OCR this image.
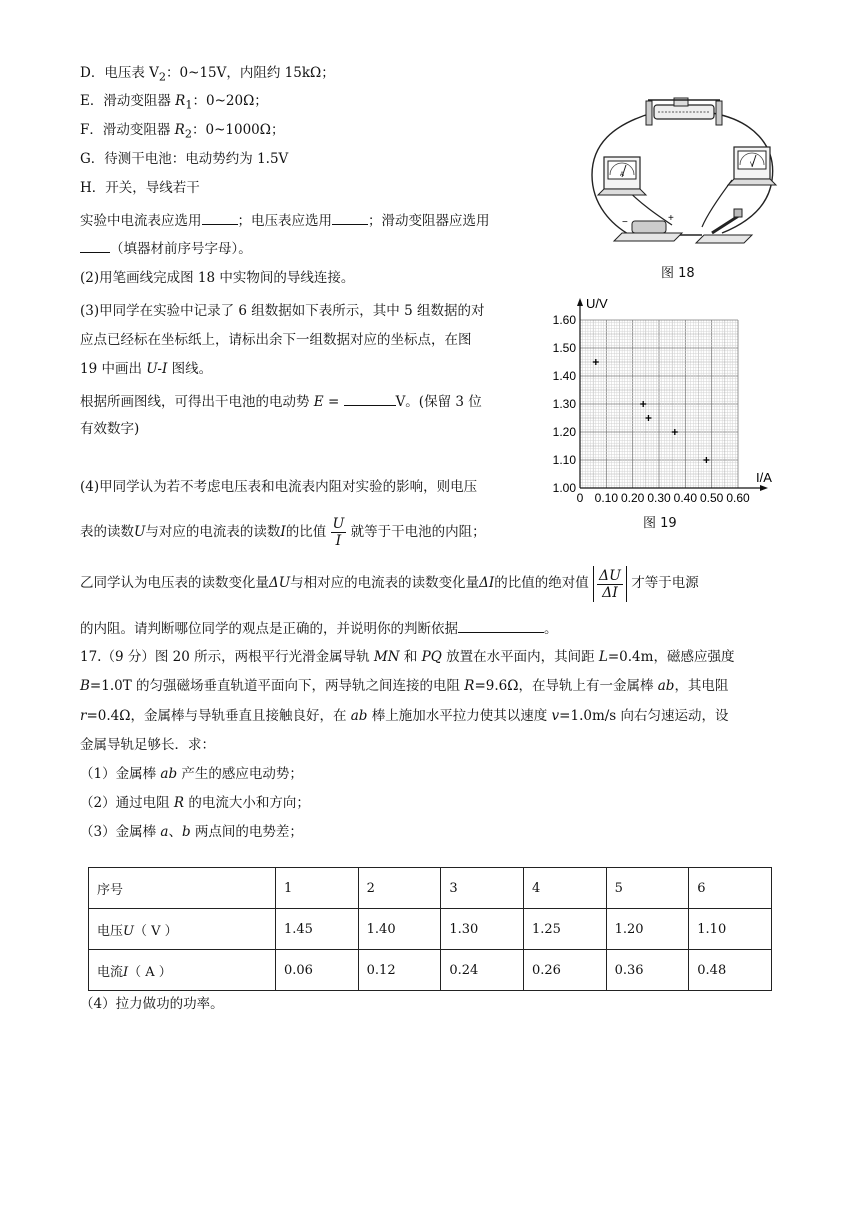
D．电压表 $V_2$：0~15V，内阻约 15kΩ；
E．滑动变阻器 $R_1$：0~20Ω；
F．滑动变阻器 $R_2$：0~1000Ω；
G．待测干电池：电动势约为 1.5V
H．开关，导线若干
实验中电流表应选用	；电压表应选用	；滑动变阻器应选用
（填器材前序号字母）。
(2)用笔画线完成图 18 中实物间的导线连接。
(3)甲同学在实验中记录了 6 组数据如下表所示，其中 5 组数据的对
应点已经标在坐标纸上，请标出余下一组数据对应的坐标点，在图
19 中画出 U-I 图线。
根据所画图线，可得出干电池的电动势 E =	V。(保留 3 位
有效数字)
(4)甲同学认为若不考虑电压表和电流表内阻对实验的影响，则电压
表的读数U与对应的电流表的读数I的比值 $\frac{U}{I}$ 就等于干电池的内阻；
乙同学认为电压表的读数变化量ΔU与相对应的电流表的读数变化量ΔI的比值的绝对值 $\frac{\Delta U}{\Delta I}$ 才等于电源
的内阻。请判断哪位同学的观点是正确的，并说明你的判断依据	。
17.（9 分）图 20 所示，两根平行光滑金属导轨 MN 和 PQ 放置在水平面内，其间距 L=0.4m，磁感应强度
B=1.0T 的匀强磁场垂直轨道平面向下，两导轨之间连接的电阻 R=9.6Ω，在导轨上有一金属棒 ab，其电阻
r=0.4Ω，金属棒与导轨垂直且接触良好，在 ab 棒上施加水平拉力使其以速度 v=1.0m/s 向右匀速运动，设
金属导轨足够长．求：
（1）金属棒 ab 产生的感应电动势；
（2）通过电阻 R 的电流大小和方向；
（3）金属棒 a、b 两点间的电势差；
序号	1	2	3	4	5	6
电压U（ V ）	1.45	1.40	1.30	1.25	1.20	1.10
电流I（ A ）	0.06	0.12	0.24	0.26	0.36	0.48
（4）拉力做功的功率。
A
V
−	+
图 18
U/V
I/A
0 0.10 0.20 0.30 0.40 0.50 0.60
1.00
1.10
1.20
1.30
1.40
1.50
1.60
图 19
